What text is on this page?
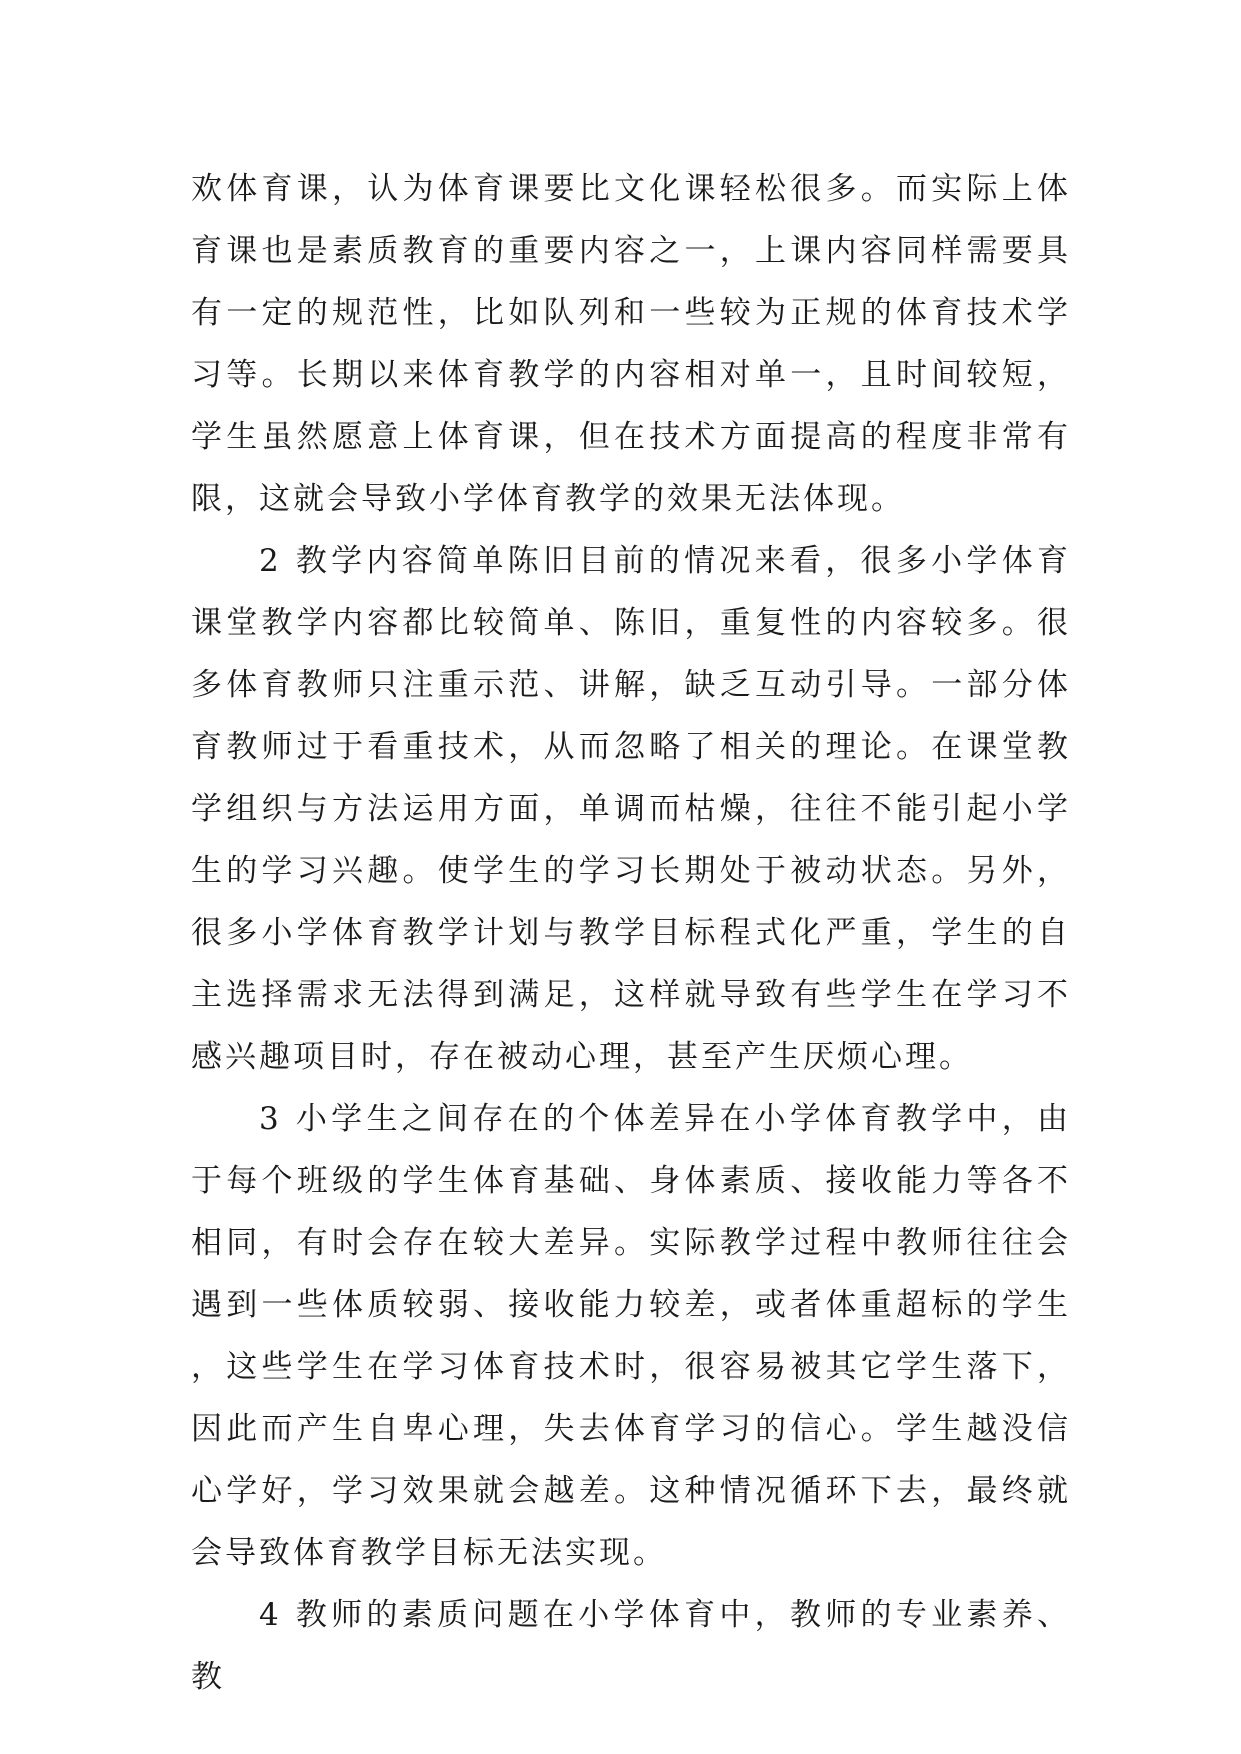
欢体育课，认为体育课要比文化课轻松很多。而实际上体育课也是素质教育的重要内容之一，上课内容同样需要具有一定的规范性，比如队列和一些较为正规的体育技术学习等。长期以来体育教学的内容相对单一，且时间较短，学生虽然愿意上体育课，但在技术方面提高的程度非常有限，这就会导致小学体育教学的效果无法体现。

2 教学内容简单陈旧目前的情况来看，很多小学体育课堂教学内容都比较简单、陈旧，重复性的内容较多。很多体育教师只注重示范、讲解，缺乏互动引导。一部分体育教师过于看重技术，从而忽略了相关的理论。在课堂教学组织与方法运用方面，单调而枯燥，往往不能引起小学生的学习兴趣。使学生的学习长期处于被动状态。另外，很多小学体育教学计划与教学目标程式化严重，学生的自主选择需求无法得到满足，这样就导致有些学生在学习不感兴趣项目时，存在被动心理，甚至产生厌烦心理。

3 小学生之间存在的个体差异在小学体育教学中，由于每个班级的学生体育基础、身体素质、接收能力等各不相同，有时会存在较大差异。实际教学过程中教师往往会遇到一些体质较弱、接收能力较差，或者体重超标的学生，这些学生在学习体育技术时，很容易被其它学生落下，因此而产生自卑心理，失去体育学习的信心。学生越没信心学好，学习效果就会越差。这种情况循环下去，最终就会导致体育教学目标无法实现。

4 教师的素质问题在小学体育中，教师的专业素养、教
